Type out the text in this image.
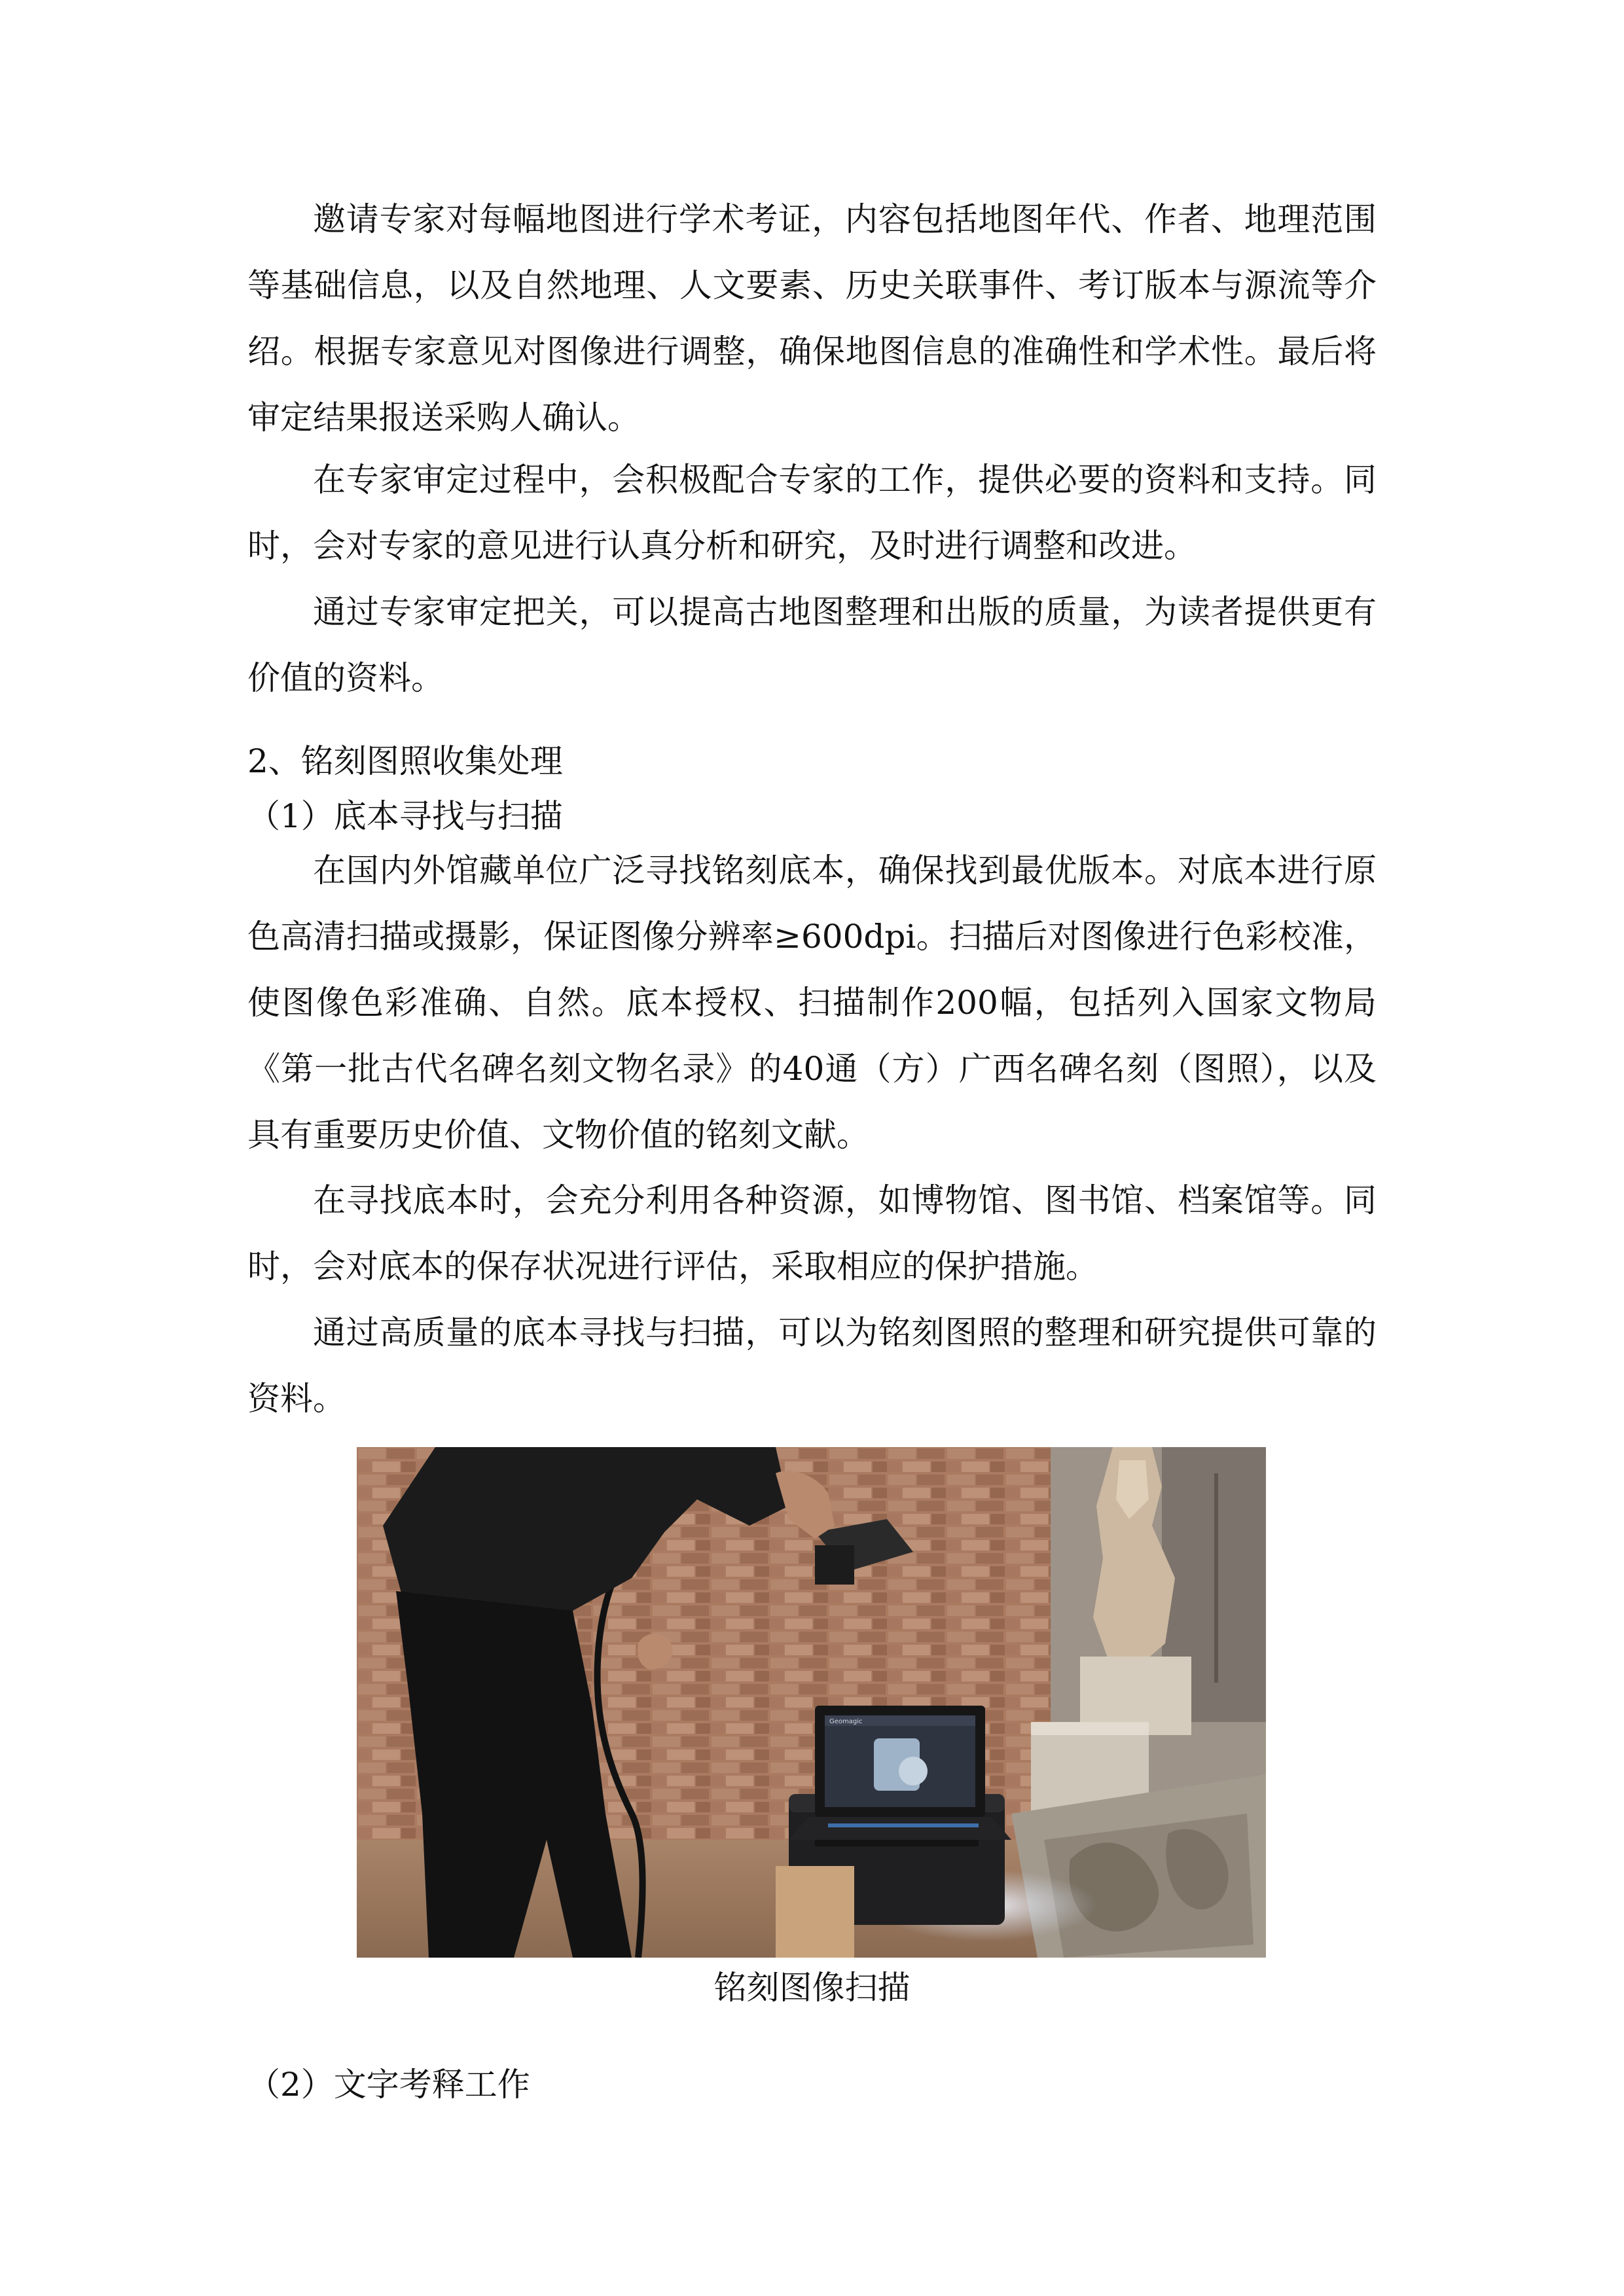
邀请专家对每幅地图进行学术考证，内容包括地图年代、作者、地理范围等基础信息，以及自然地理、人文要素、历史关联事件、考订版本与源流等介绍。根据专家意见对图像进行调整，确保地图信息的准确性和学术性。最后将审定结果报送采购人确认。

在专家审定过程中，会积极配合专家的工作，提供必要的资料和支持。同时，会对专家的意见进行认真分析和研究，及时进行调整和改进。

通过专家审定把关，可以提高古地图整理和出版的质量，为读者提供更有价值的资料。

2、铭刻图照收集处理

（1）底本寻找与扫描

在国内外馆藏单位广泛寻找铭刻底本，确保找到最优版本。对底本进行原色高清扫描或摄影，保证图像分辨率≥600dpi。扫描后对图像进行色彩校准，使图像色彩准确、自然。底本授权、扫描制作200幅，包括列入国家文物局《第一批古代名碑名刻文物名录》的40通（方）广西名碑名刻（图照），以及具有重要历史价值、文物价值的铭刻文献。

在寻找底本时，会充分利用各种资源，如博物馆、图书馆、档案馆等。同时，会对底本的保存状况进行评估，采取相应的保护措施。

通过高质量的底本寻找与扫描，可以为铭刻图照的整理和研究提供可靠的资料。

Geomagic

铭刻图像扫描

（2）文字考释工作
